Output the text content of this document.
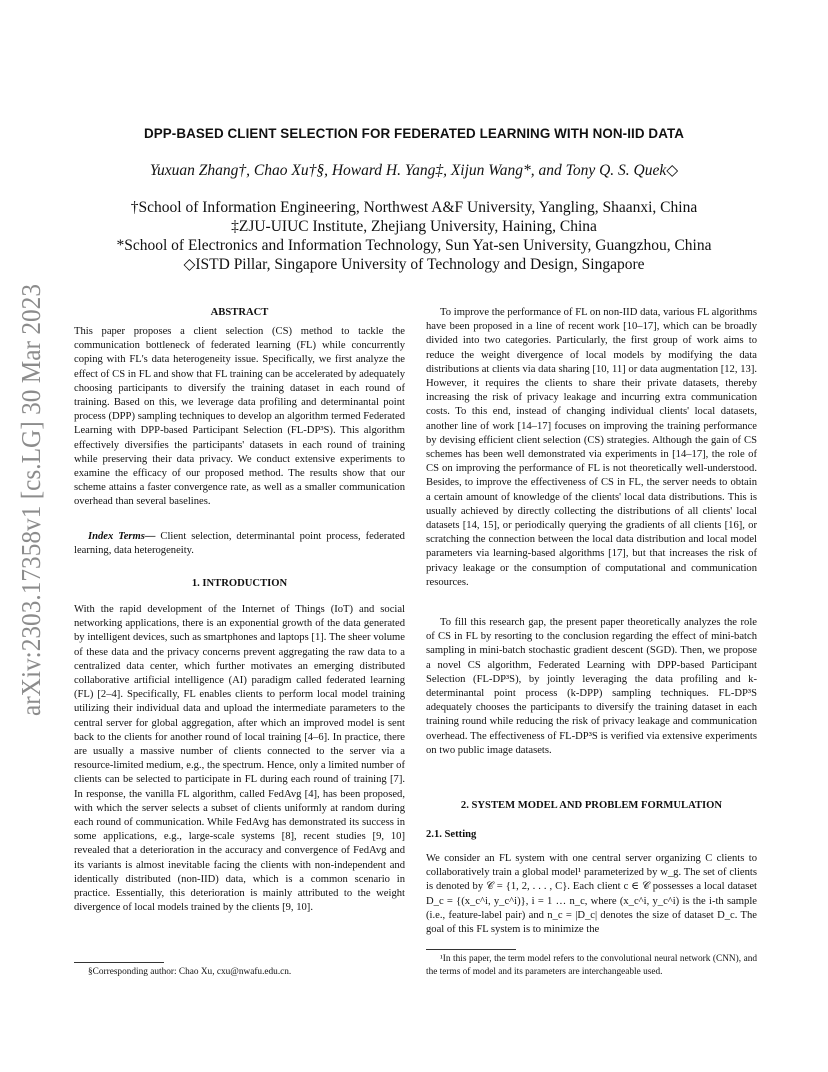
arXiv:2303.17358v1 [cs.LG] 30 Mar 2023
DPP-BASED CLIENT SELECTION FOR FEDERATED LEARNING WITH NON-IID DATA
Yuxuan Zhang†, Chao Xu†§, Howard H. Yang‡, Xijun Wang*, and Tony Q. S. Quek◇
†School of Information Engineering, Northwest A&F University, Yangling, Shaanxi, China
‡ZJU-UIUC Institute, Zhejiang University, Haining, China
*School of Electronics and Information Technology, Sun Yat-sen University, Guangzhou, China
◇ISTD Pillar, Singapore University of Technology and Design, Singapore
ABSTRACT

This paper proposes a client selection (CS) method to tackle the communication bottleneck of federated learning (FL) while concurrently coping with FL's data heterogeneity issue. Specifically, we first analyze the effect of CS in FL and show that FL training can be accelerated by adequately choosing participants to diversify the training dataset in each round of training. Based on this, we leverage data profiling and determinantal point process (DPP) sampling techniques to develop an algorithm termed Federated Learning with DPP-based Participant Selection (FL-DP³S). This algorithm effectively diversifies the participants' datasets in each round of training while preserving their data privacy. We conduct extensive experiments to examine the efficacy of our proposed method. The results show that our scheme attains a faster convergence rate, as well as a smaller communication overhead than several baselines.

Index Terms— Client selection, determinantal point process, federated learning, data heterogeneity.

1. INTRODUCTION

With the rapid development of the Internet of Things (IoT) and social networking applications, there is an exponential growth of the data generated by intelligent devices, such as smartphones and laptops [1]. The sheer volume of these data and the privacy concerns prevent aggregating the raw data to a centralized data center, which further motivates an emerging distributed collaborative artificial intelligence (AI) paradigm called federated learning (FL) [2–4]. Specifically, FL enables clients to perform local model training utilizing their individual data and upload the intermediate parameters to the central server for global aggregation, after which an improved model is sent back to the clients for another round of local training [4–6]. In practice, there are usually a massive number of clients connected to the server via a resource-limited medium, e.g., the spectrum. Hence, only a limited number of clients can be selected to participate in FL during each round of training [7]. In response, the vanilla FL algorithm, called FedAvg [4], has been proposed, with which the server selects a subset of clients uniformly at random during each round of communication. While FedAvg has demonstrated its success in some applications, e.g., large-scale systems [8], recent studies [9, 10] revealed that a deterioration in the accuracy and convergence of FedAvg and its variants is almost inevitable facing the clients with non-independent and identically distributed (non-IID) data, which is a common scenario in practice. Essentially, this deterioration is mainly attributed to the weight divergence of local models trained by the clients [9, 10].

§Corresponding author: Chao Xu, cxu@nwafu.edu.cn.

To improve the performance of FL on non-IID data, various FL algorithms have been proposed in a line of recent work [10–17], which can be broadly divided into two categories. Particularly, the first group of work aims to reduce the weight divergence of local models by modifying the data distributions at clients via data sharing [10, 11] or data augmentation [12, 13]. However, it requires the clients to share their private datasets, thereby increasing the risk of privacy leakage and incurring extra communication costs. To this end, instead of changing individual clients' local datasets, another line of work [14–17] focuses on improving the training performance by devising efficient client selection (CS) strategies. Although the gain of CS schemes has been well demonstrated via experiments in [14–17], the role of CS on improving the performance of FL is not theoretically well-understood. Besides, to improve the effectiveness of CS in FL, the server needs to obtain a certain amount of knowledge of the clients' local data distributions. This is usually achieved by directly collecting the distributions of all clients' local datasets [14, 15], or periodically querying the gradients of all clients [16], or scratching the connection between the local data distribution and local model parameters via learning-based algorithms [17], but that increases the risk of privacy leakage or the consumption of computational and communication resources.

To fill this research gap, the present paper theoretically analyzes the role of CS in FL by resorting to the conclusion regarding the effect of mini-batch sampling in mini-batch stochastic gradient descent (SGD). Then, we propose a novel CS algorithm, Federated Learning with DPP-based Participant Selection (FL-DP³S), by jointly leveraging the data profiling and k-determinantal point process (k-DPP) sampling techniques. FL-DP³S adequately chooses the participants to diversify the training dataset in each training round while reducing the risk of privacy leakage and communication overhead. The effectiveness of FL-DP³S is verified via extensive experiments on two public image datasets.

2. SYSTEM MODEL AND PROBLEM FORMULATION
2.1. Setting

We consider an FL system with one central server organizing C clients to collaboratively train a global model¹ parameterized by w_g. The set of clients is denoted by 𝒞 = {1, 2, . . . , C}. Each client c ∈ 𝒞 possesses a local dataset D_c = {(x_c^i, y_c^i)}, i = 1 … n_c, where (x_c^i, y_c^i) is the i-th sample (i.e., feature-label pair) and n_c = |D_c| denotes the size of dataset D_c. The goal of this FL system is to minimize the

¹In this paper, the term model refers to the convolutional neural network (CNN), and the terms of model and its parameters are interchangeable used.
